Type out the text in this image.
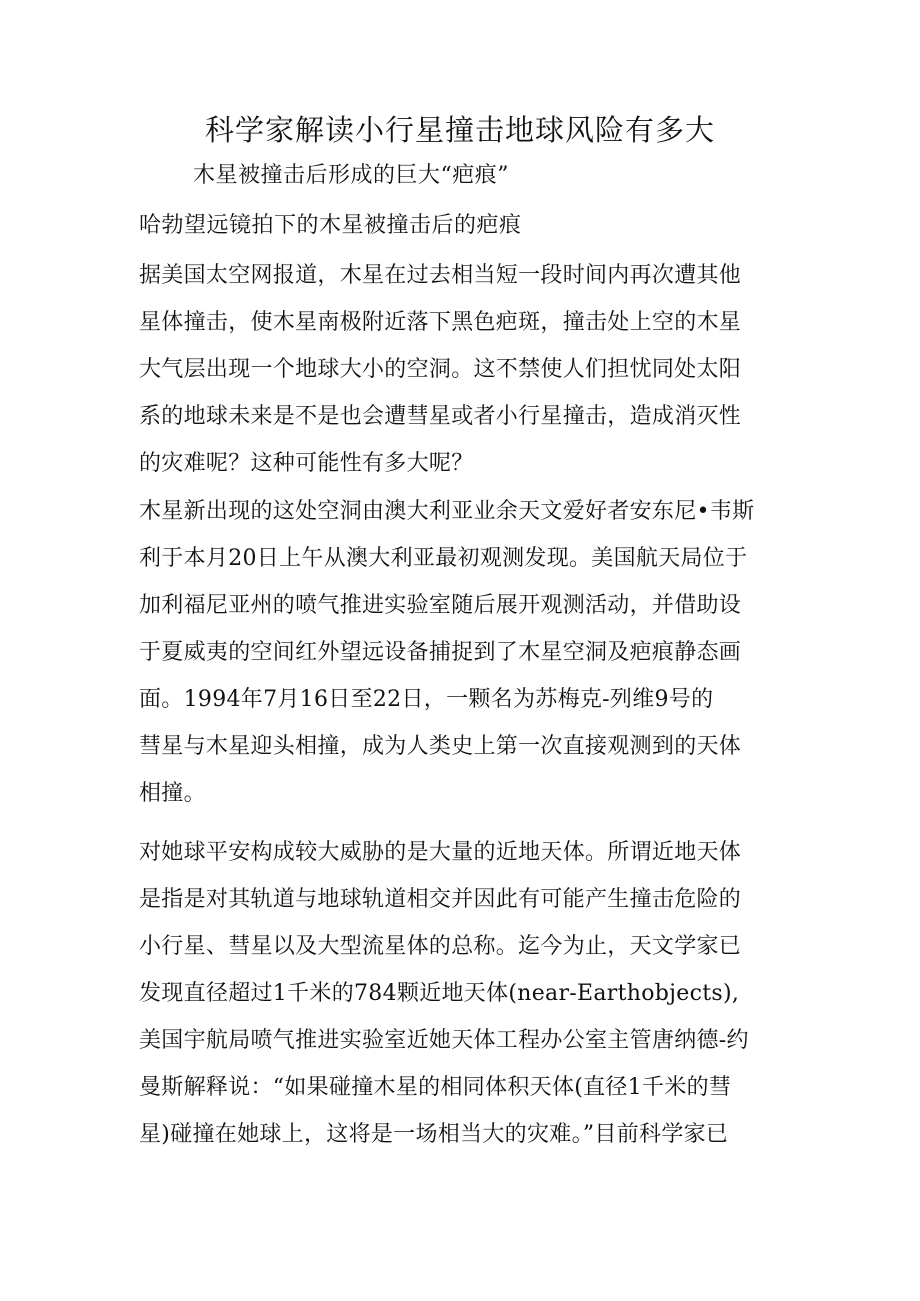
科学家解读小行星撞击地球风险有多大
木星被撞击后形成的巨大“疤痕”
哈勃望远镜拍下的木星被撞击后的疤痕
据美国太空网报道，木星在过去相当短一段时间内再次遭其他
星体撞击，使木星南极附近落下黑色疤斑，撞击处上空的木星
大气层出现一个地球大小的空洞。这不禁使人们担忧同处太阳
系的地球未来是不是也会遭彗星或者小行星撞击，造成消灭性
的灾难呢？这种可能性有多大呢？
木星新出现的这处空洞由澳大利亚业余天文爱好者安东尼•韦斯
利于本月20日上午从澳大利亚最初观测发现。美国航天局位于
加利福尼亚州的喷气推进实验室随后展开观测活动，并借助设
于夏威夷的空间红外望远设备捕捉到了木星空洞及疤痕静态画
面。1994年7月16日至22日，一颗名为苏梅克-列维9号的
彗星与木星迎头相撞，成为人类史上第一次直接观测到的天体
相撞。
对她球平安构成较大威胁的是大量的近地天体。所谓近地天体
是指是对其轨道与地球轨道相交并因此有可能产生撞击危险的
小行星、彗星以及大型流星体的总称。迄今为止，天文学家已
发现直径超过1千米的784颗近地天体(near-Earthobjects),
美国宇航局喷气推进实验室近她天体工程办公室主管唐纳德-约
曼斯解释说：“如果碰撞木星的相同体积天体(直径1千米的彗
星)碰撞在她球上，这将是一场相当大的灾难。”目前科学家已
